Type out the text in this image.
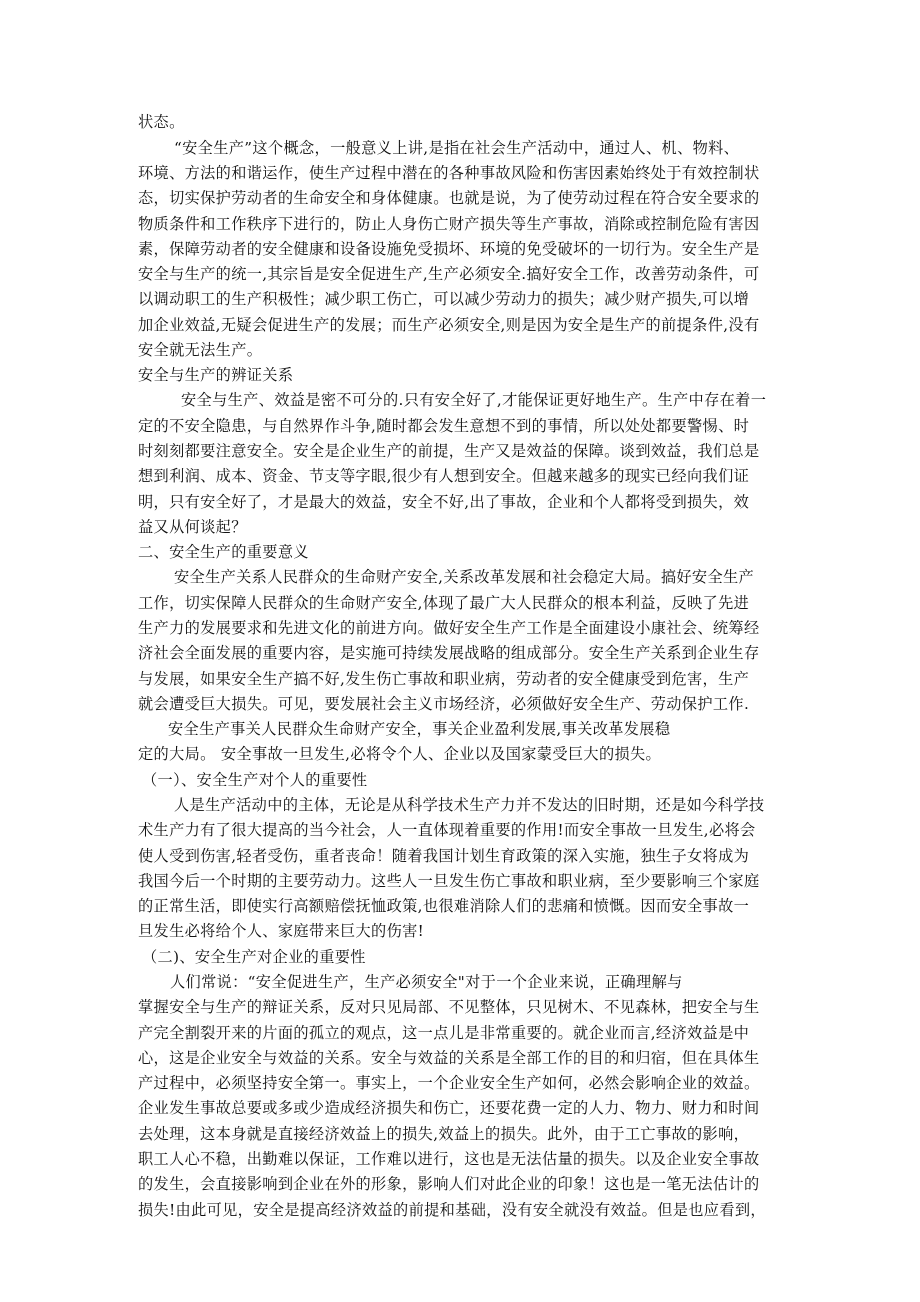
状态。

“安全生产”这个概念，一般意义上讲,是指在社会生产活动中，通过人、机、物料、

环境、方法的和谐运作，使生产过程中潜在的各种事故风险和伤害因素始终处于有效控制状

态，切实保护劳动者的生命安全和身体健康。也就是说，为了使劳动过程在符合安全要求的

物质条件和工作秩序下进行的，防止人身伤亡财产损失等生产事故，消除或控制危险有害因

素，保障劳动者的安全健康和设备设施免受损坏、环境的免受破坏的一切行为。安全生产是

安全与生产的统一,其宗旨是安全促进生产,生产必须安全.搞好安全工作，改善劳动条件，可

以调动职工的生产积极性；减少职工伤亡，可以减少劳动力的损失；减少财产损失,可以增

加企业效益,无疑会促进生产的发展；而生产必须安全,则是因为安全是生产的前提条件,没有

安全就无法生产。

安全与生产的辨证关系

安全与生产、效益是密不可分的.只有安全好了,才能保证更好地生产。生产中存在着一

定的不安全隐患，与自然界作斗争,随时都会发生意想不到的事情，所以处处都要警惕、时

时刻刻都要注意安全。安全是企业生产的前提，生产又是效益的保障。谈到效益，我们总是

想到利润、成本、资金、节支等字眼,很少有人想到安全。但越来越多的现实已经向我们证

明，只有安全好了，才是最大的效益，安全不好,出了事故，企业和个人都将受到损失，效

益又从何谈起？

二、安全生产的重要意义

安全生产关系人民群众的生命财产安全,关系改革发展和社会稳定大局。搞好安全生产

工作，切实保障人民群众的生命财产安全,体现了最广大人民群众的根本利益，反映了先进

生产力的发展要求和先进文化的前进方向。做好安全生产工作是全面建设小康社会、统筹经

济社会全面发展的重要内容，是实施可持续发展战略的组成部分。安全生产关系到企业生存

与发展，如果安全生产搞不好,发生伤亡事故和职业病，劳动者的安全健康受到危害，生产

就会遭受巨大损失。可见，要发展社会主义市场经济，必须做好安全生产、劳动保护工作.

安全生产事关人民群众生命财产安全，事关企业盈利发展,事关改革发展稳

定的大局。 安全事故一旦发生,必将令个人、企业以及国家蒙受巨大的损失。

（一）、安全生产对个人的重要性

人是生产活动中的主体，无论是从科学技术生产力并不发达的旧时期，还是如今科学技

术生产力有了很大提高的当今社会，人一直体现着重要的作用!而安全事故一旦发生,必将会

使人受到伤害,轻者受伤，重者丧命！随着我国计划生育政策的深入实施，独生子女将成为

我国今后一个时期的主要劳动力。这些人一旦发生伤亡事故和职业病，至少要影响三个家庭

的正常生活，即使实行高额赔偿抚恤政策,也很难消除人们的悲痛和愤慨。因而安全事故一

旦发生必将给个人、家庭带来巨大的伤害!

（二)、安全生产对企业的重要性

人们常说：“安全促进生产，生产必须安全"对于一个企业来说，正确理解与

掌握安全与生产的辩证关系，反对只见局部、不见整体，只见树木、不见森林，把安全与生

产完全割裂开来的片面的孤立的观点，这一点儿是非常重要的。就企业而言,经济效益是中

心，这是企业安全与效益的关系。安全与效益的关系是全部工作的目的和归宿，但在具体生

产过程中，必须坚持安全第一。事实上，一个企业安全生产如何，必然会影响企业的效益。

企业发生事故总要或多或少造成经济损失和伤亡，还要花费一定的人力、物力、财力和时间

去处理，这本身就是直接经济效益上的损失,效益上的损失。此外，由于工亡事故的影响，

职工人心不稳，出勤难以保证，工作难以进行，这也是无法估量的损失。以及企业安全事故

的发生，会直接影响到企业在外的形象，影响人们对此企业的印象！这也是一笔无法估计的

损失!由此可见，安全是提高经济效益的前提和基础，没有安全就没有效益。但是也应看到，
